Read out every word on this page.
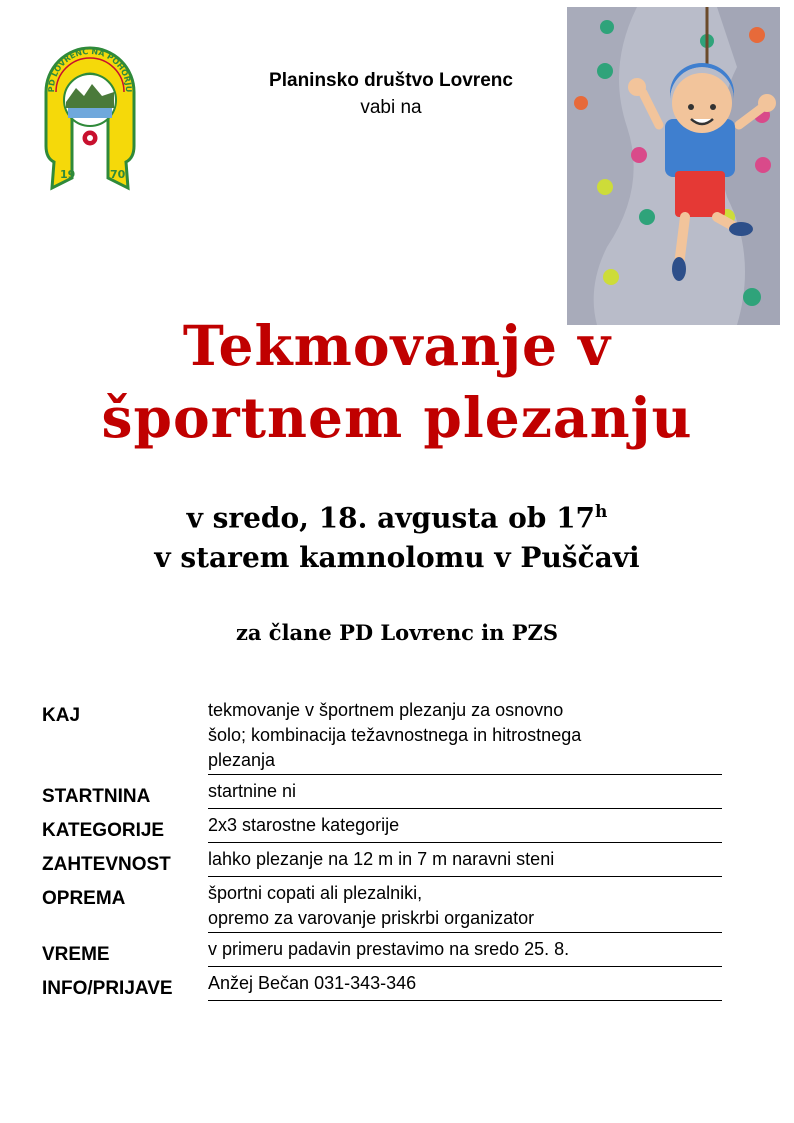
PD LOVRENC NA POHORJU
19	70
Planinsko društvo Lovrenc
vabi na
Tekmovanje v
športnem plezanju
v sredo, 18. avgusta ob 17$^h$
v starem kamnolomu v Puščavi
za člane PD Lovrenc in PZS
KAJ	tekmovanje v športnem plezanju za osnovno
šolo; kombinacija težavnostnega in hitrostnega
plezanja
STARTNINA	startnine ni
KATEGORIJE	2x3 starostne kategorije
ZAHTEVNOST	lahko plezanje na 12 m in 7 m naravni steni
OPREMA	športni copati ali plezalniki,
opremo za varovanje priskrbi organizator
VREME	v primeru padavin prestavimo na sredo 25. 8.
INFO/PRIJAVE	Anžej Bečan 031-343-346
